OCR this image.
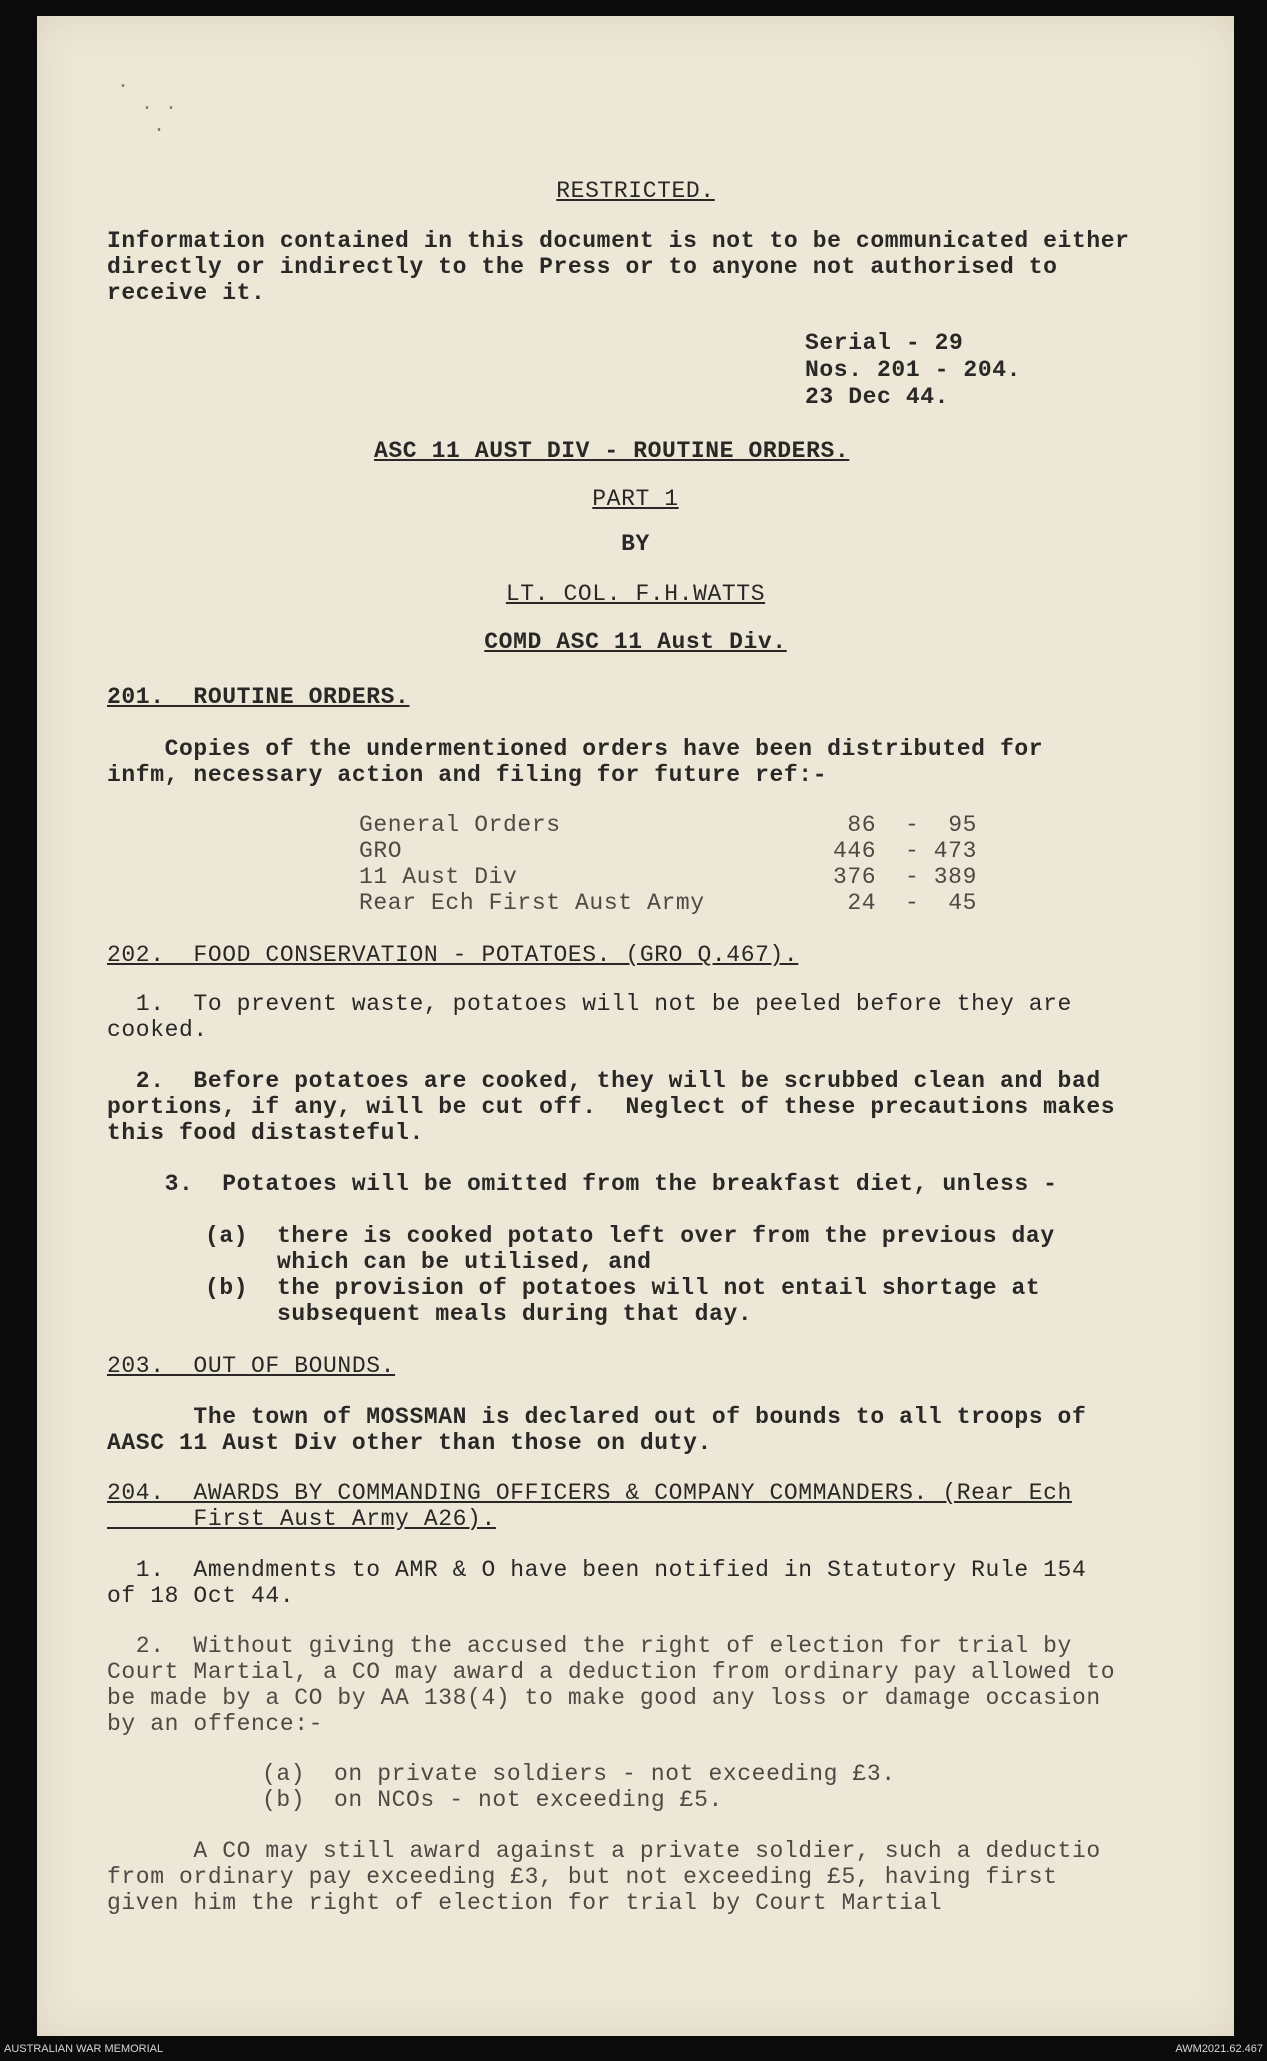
·
· ·
·
RESTRICTED.
Information contained in this document is not to be communicated either
directly or indirectly to the Press or to anyone not authorised to
receive it.
Serial - 29
Nos. 201 - 204.
23 Dec 44.
ASC 11 AUST DIV - ROUTINE ORDERS.
PART 1
BY
LT. COL. F.H.WATTS
COMD ASC 11 Aust Div.
201.  ROUTINE ORDERS.
Copies of the undermentioned orders have been distributed for
infm, necessary action and filing for future ref:-
General Orders	86  -  95
GRO	446  - 473
11 Aust Div	376  - 389
Rear Ech First Aust Army	24  -  45
202.  FOOD CONSERVATION - POTATOES. (GRO Q.467).
1.  To prevent waste, potatoes will not be peeled before they are
cooked.
2.  Before potatoes are cooked, they will be scrubbed clean and bad
portions, if any, will be cut off.  Neglect of these precautions makes
this food distasteful.
3.  Potatoes will be omitted from the breakfast diet, unless -
(a)  there is cooked potato left over from the previous day
which can be utilised, and
(b)  the provision of potatoes will not entail shortage at
subsequent meals during that day.
203.  OUT OF BOUNDS.
The town of MOSSMAN is declared out of bounds to all troops of
AASC 11 Aust Div other than those on duty.
204.  AWARDS BY COMMANDING OFFICERS & COMPANY COMMANDERS. (Rear Ech
First Aust Army A26).
1.  Amendments to AMR & O have been notified in Statutory Rule 154
of 18 Oct 44.
2.  Without giving the accused the right of election for trial by
Court Martial, a CO may award a deduction from ordinary pay allowed to
be made by a CO by AA 138(4) to make good any loss or damage occasion
by an offence:-
(a)  on private soldiers - not exceeding £3.
(b)  on NCOs - not exceeding £5.
A CO may still award against a private soldier, such a deductio
from ordinary pay exceeding £3, but not exceeding £5, having first
given him the right of election for trial by Court Martial
AUSTRALIAN WAR MEMORIAL	AWM2021.62.467
